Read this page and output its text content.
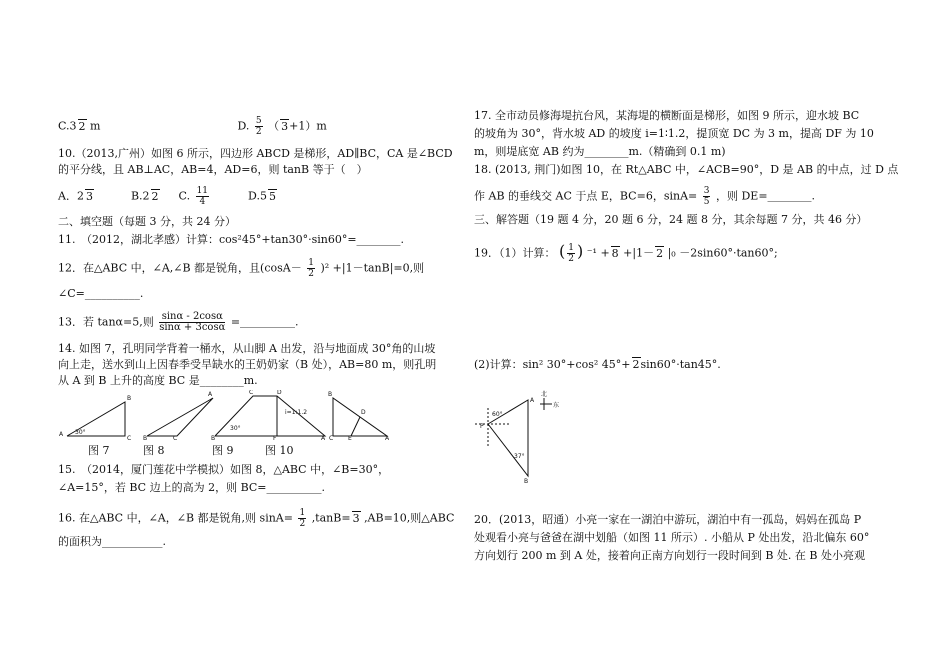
C.3 2 m	D. $\frac{5}{2}$ （ 3+1）m
10.（2013,广州）如图 6 所示，四边形 ABCD 是梯形，AD∥BC，CA 是∠BCD
的平分线，且 AB⊥AC，AB=4，AD=6，则 tanB 等于（　）
A．2 3	B.2 2 C. $\frac{11}{4}$	D.5 5
二、填空题（每题 3 分，共 24 分）
11.　（2012，湖北孝感）计算：cos²45°+tan30°·sin60°=________.
12．在△ABC 中，∠A,∠B 都是锐角，且$(\cos A- \frac{1}{2} )^2 +|1-\tan B|=0$,则
∠C=__________.
13．若 tanα=5,则 $\frac{\sin\alpha - 2\cos\alpha}{\sin\alpha + 3\cos\alpha}$ =__________.
14. 如图 7，孔明同学背着一桶水，从山脚 A 出发，沿与地面成 30°角的山坡
向上走，送水到山上因春季受旱缺水的王奶奶家（B 处），AB=80 m，则孔明
从 A 到 B 上升的高度 BC 是________m.
A
B
C
30°
B	C
A
B
C	D
F	A
30°
i=1:1.2
C
B
D
E	A
图 7	图 8	图 9	图 10
15.　（2014，厦门莲花中学模拟）如图 8，△ABC 中，∠B=30°，
∠A=15°，若 BC 边上的高为 2，则 BC=__________.
16. 在△ABC 中，∠A，∠B 都是锐角,则 $\sin A= \frac{1}{2} ,\tan B= 3$ ,AB=10,则△ABC
的面积为___________.
17. 全市动员修海堤抗台风，某海堤的横断面是梯形，如图 9 所示，迎水坡 BC
的坡角为 30°，背水坡 AD 的坡度 i=1∶1.2，提顶宽 DC 为 3 m，提高 DF 为 10
m，则堤底宽 AB 约为________m.（精确到 0.1 m)
18. (2013, 荆门)如图 10，在 Rt△ABC 中，∠ACB=90°，D 是 AB 的中点，过 D 点
作 AB 的垂线交 AC 于点 E，BC=6，$\sin A= \frac{3}{5}$ ，则 DE=________.
三、解答题（19 题 4 分，20 题 6 分，24 题 8 分，其余每题 7 分，共 46 分）
19．（1）计算： ( $\frac{1}{2}$ ) ⁻¹ + 8 +|1－ 2 |₀ －2sin60°·tan60°;
(2)计算：sin² 30°+cos² 45°+ 2sin60°·tan45°.
P
A
B
60°
37°
北
东
20．(2013，昭通）小亮一家在一湖泊中游玩，湖泊中有一孤岛，妈妈在孤岛 P
处观看小亮与爸爸在湖中划船（如图 11 所示）. 小船从 P 处出发，沿北偏东 60°
方向划行 200 m 到 A 处，接着向正南方向划行一段时间到 B 处. 在 B 处小亮观
